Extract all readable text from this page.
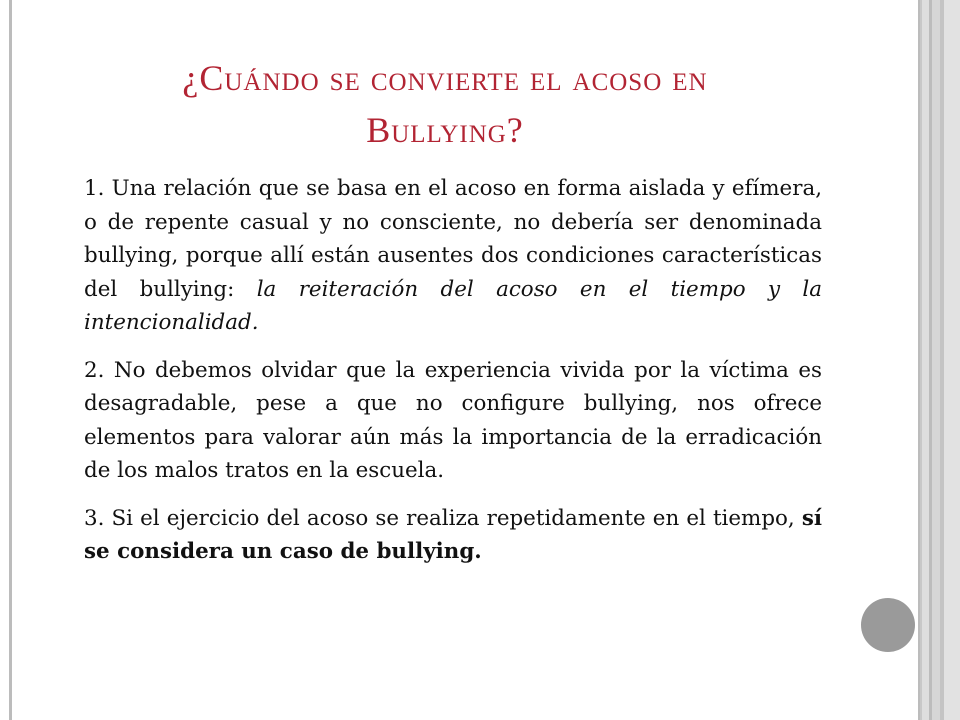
¿Cuándo se convierte el acoso en
Bullying?

1. Una relación que se basa en el acoso en forma aislada y efímera, o de repente casual y no consciente, no debería ser denominada bullying, porque allí están ausentes dos condiciones características del bullying: la reiteración del acoso en el tiempo y la intencionalidad.

2. No debemos olvidar que la experiencia vivida por la víctima es desagradable, pese a que no configure bullying, nos ofrece elementos para valorar aún más la importancia de la erradicación de los malos tratos en la escuela.

3. Si el ejercicio del acoso se realiza repetidamente en el tiempo, sí se considera un caso de bullying.
